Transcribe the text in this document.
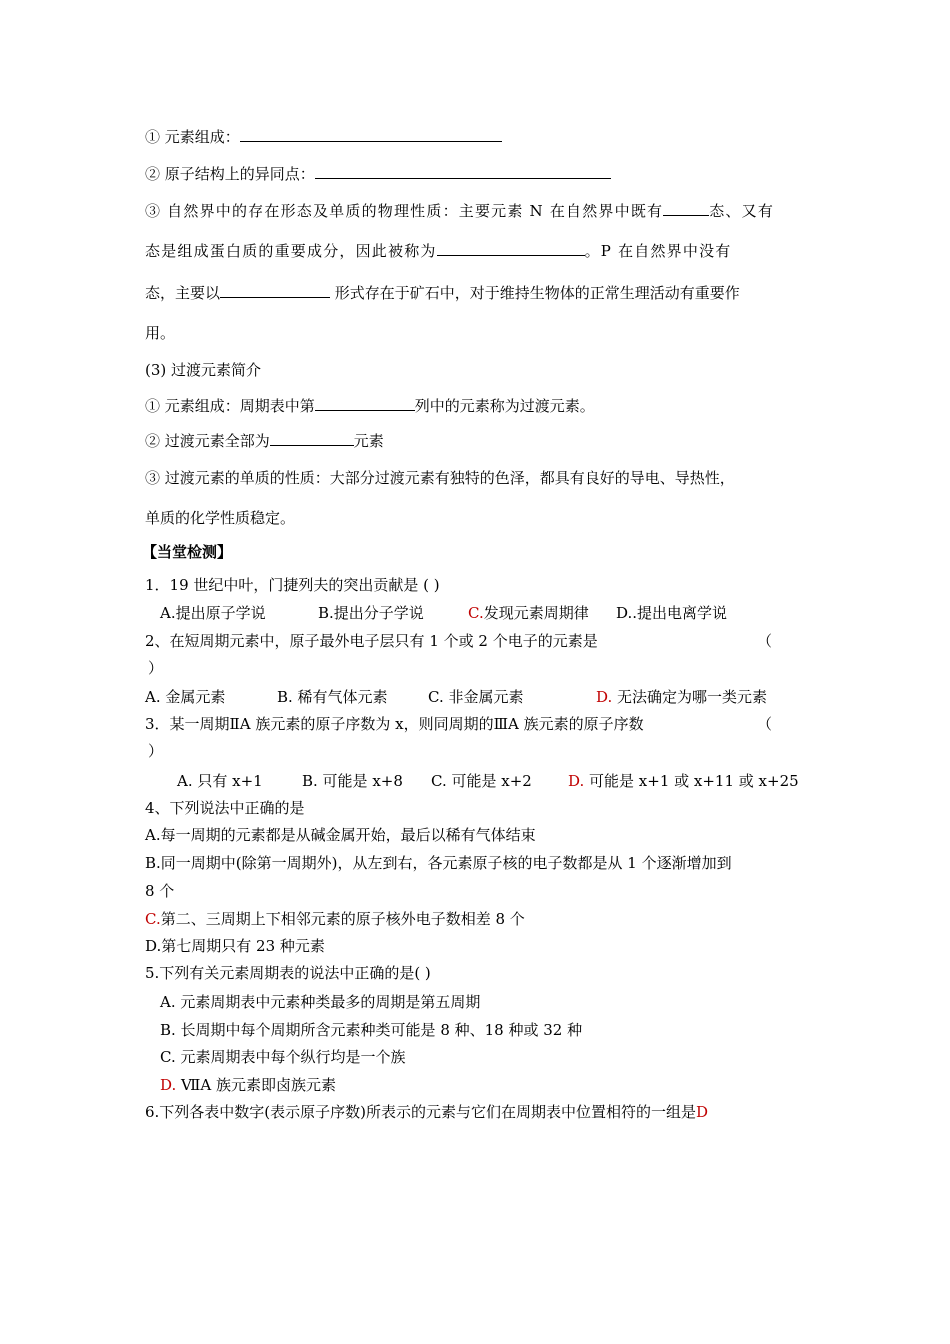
① 元素组成：
② 原子结构上的异同点：
③ 自然界中的存在形态及单质的物理性质：主要元素 N 在自然界中既有	态、又有
态是组成蛋白质的重要成分，因此被称为	。P 在自然界中没有
态，主要以	形式存在于矿石中，对于维持生物体的正常生理活动有重要作
用。
(3) 过渡元素简介
① 元素组成：周期表中第	列中的元素称为过渡元素。
② 过渡元素全部为	元素
③ 过渡元素的单质的性质：大部分过渡元素有独特的色泽，都具有良好的导电、导热性，
单质的化学性质稳定。
【当堂检测】
1．19 世纪中叶，门捷列夫的突出贡献是 ( )
A.提出原子学说	B.提出分子学说	C.发现元素周期律 D..提出电离学说
2、在短周期元素中，原子最外电子层只有 1 个或 2 个电子的元素是	（
）
A. 金属元素	B. 稀有气体元素	C. 非金属元素	D. 无法确定为哪一类元素
3．某一周期ⅡA 族元素的原子序数为 x，则同周期的ⅢA 族元素的原子序数	（
）
A. 只有 x+1	B. 可能是 x+8 C. 可能是 x+2 D. 可能是 x+1 或 x+11 或 x+25
4、下列说法中正确的是
A.每一周期的元素都是从碱金属开始，最后以稀有气体结束
B.同一周期中(除第一周期外)，从左到右，各元素原子核的电子数都是从 1 个逐渐增加到
8 个
C.第二、三周期上下相邻元素的原子核外电子数相差 8 个
D.第七周期只有 23 种元素
5.下列有关元素周期表的说法中正确的是( )
A. 元素周期表中元素种类最多的周期是第五周期
B. 长周期中每个周期所含元素种类可能是 8 种、18 种或 32 种
C. 元素周期表中每个纵行均是一个族
D. ⅦA 族元素即卤族元素
6.下列各表中数字(表示原子序数)所表示的元素与它们在周期表中位置相符的一组是D
